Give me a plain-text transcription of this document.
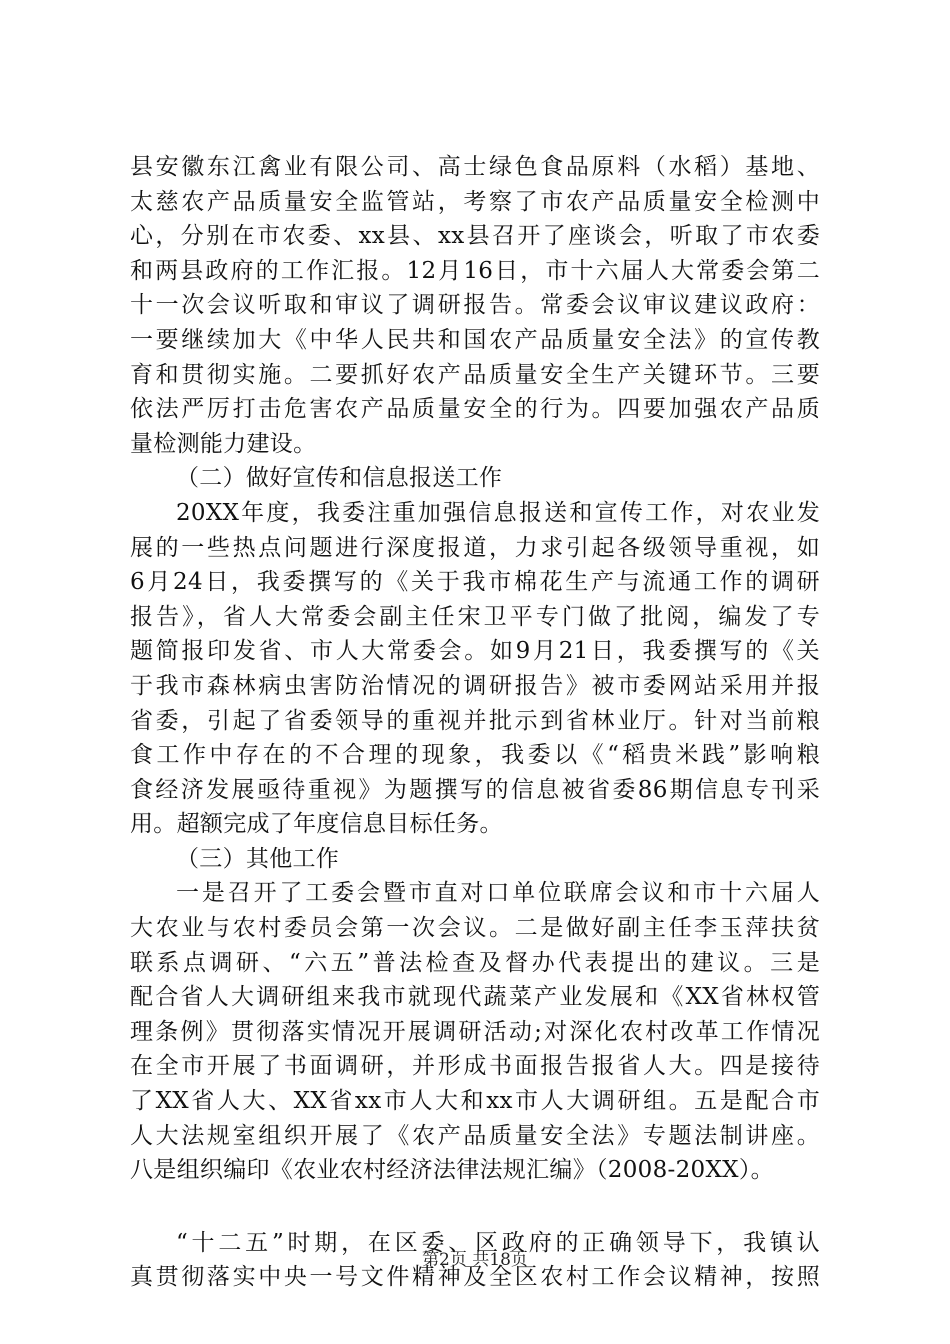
县安徽东江禽业有限公司、高士绿色食品原料（水稻）基地、
太慈农产品质量安全监管站，考察了市农产品质量安全检测中
心，分别在市农委、xx县、xx县召开了座谈会，听取了市农委
和两县政府的工作汇报。12月16日，市十六届人大常委会第二
十一次会议听取和审议了调研报告。常委会议审议建议政府：
一要继续加大《中华人民共和国农产品质量安全法》的宣传教
育和贯彻实施。二要抓好农产品质量安全生产关键环节。三要
依法严厉打击危害农产品质量安全的行为。四要加强农产品质
量检测能力建设。
（二）做好宣传和信息报送工作
20XX年度，我委注重加强信息报送和宣传工作，对农业发
展的一些热点问题进行深度报道，力求引起各级领导重视，如
6月24日，我委撰写的《关于我市棉花生产与流通工作的调研
报告》，省人大常委会副主任宋卫平专门做了批阅，编发了专
题简报印发省、市人大常委会。如9月21日，我委撰写的《关
于我市森林病虫害防治情况的调研报告》被市委网站采用并报
省委，引起了省委领导的重视并批示到省林业厅。针对当前粮
食工作中存在的不合理的现象，我委以《“稻贵米践”影响粮
食经济发展亟待重视》为题撰写的信息被省委86期信息专刊采
用。超额完成了年度信息目标任务。
（三）其他工作
一是召开了工委会暨市直对口单位联席会议和市十六届人
大农业与农村委员会第一次会议。二是做好副主任李玉萍扶贫
联系点调研、“六五”普法检查及督办代表提出的建议。三是
配合省人大调研组来我市就现代蔬菜产业发展和《XX省林权管
理条例》贯彻落实情况开展调研活动;对深化农村改革工作情况
在全市开展了书面调研，并形成书面报告报省人大。四是接待
了XX省人大、XX省xx市人大和xx市人大调研组。五是配合市
人大法规室组织开展了《农产品质量安全法》专题法制讲座。
八是组织编印《农业农村经济法律法规汇编》（2008-20XX）。
“十二五”时期，在区委、区政府的正确领导下，我镇认
真贯彻落实中央一号文件精神及全区农村工作会议精神，按照
第2页 共18页
